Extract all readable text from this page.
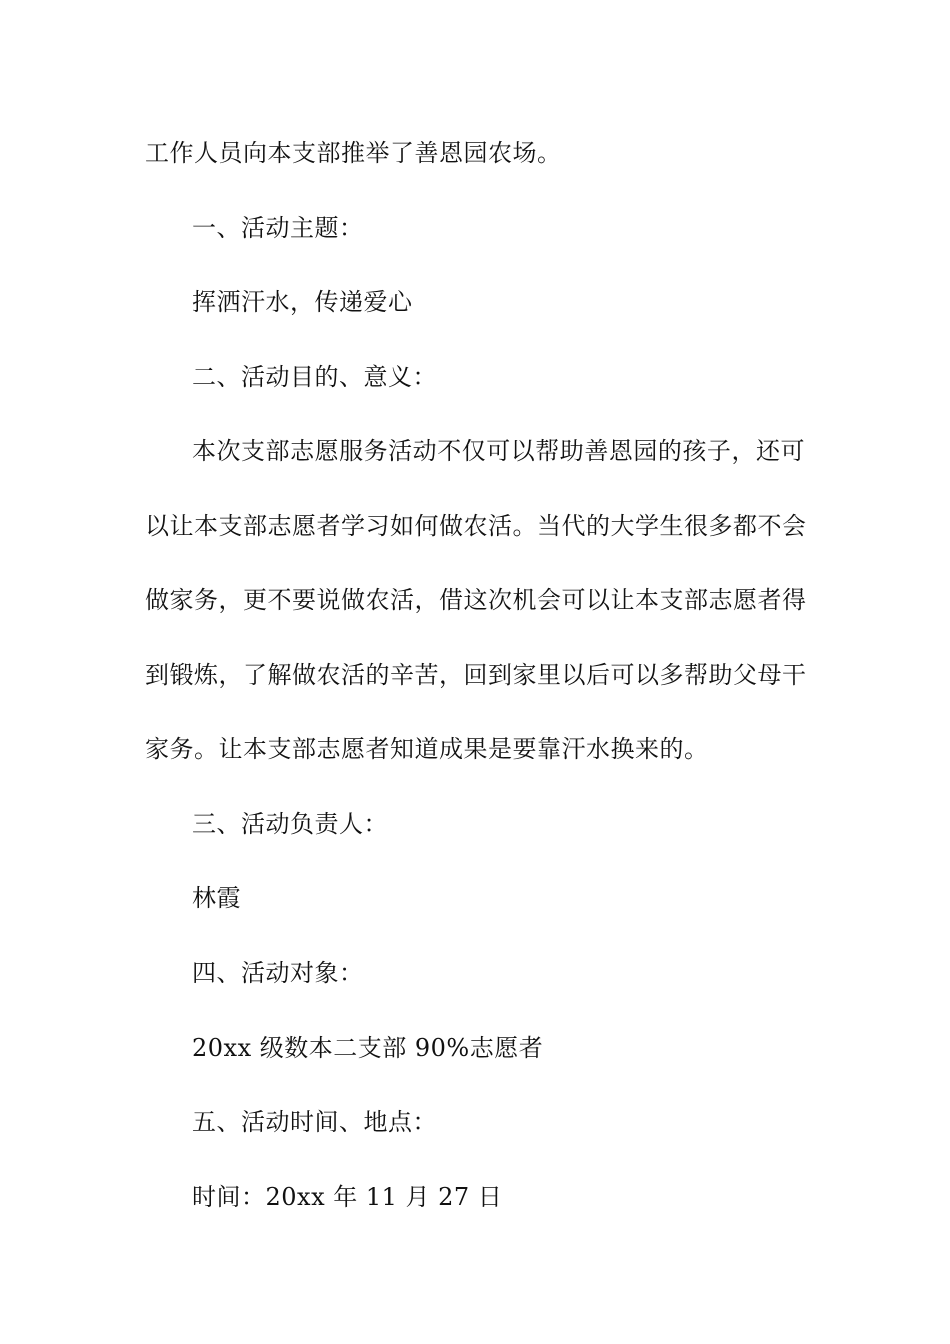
工作人员向本支部推举了善恩园农场。
一、活动主题：
挥洒汗水，传递爱心
二、活动目的、意义：
本次支部志愿服务活动不仅可以帮助善恩园的孩子，还可
以让本支部志愿者学习如何做农活。当代的大学生很多都不会
做家务，更不要说做农活，借这次机会可以让本支部志愿者得
到锻炼，了解做农活的辛苦，回到家里以后可以多帮助父母干
家务。让本支部志愿者知道成果是要靠汗水换来的。
三、活动负责人：
林霞
四、活动对象：
20xx 级数本二支部 90%志愿者
五、活动时间、地点：
时间：20xx 年 11 月 27 日
